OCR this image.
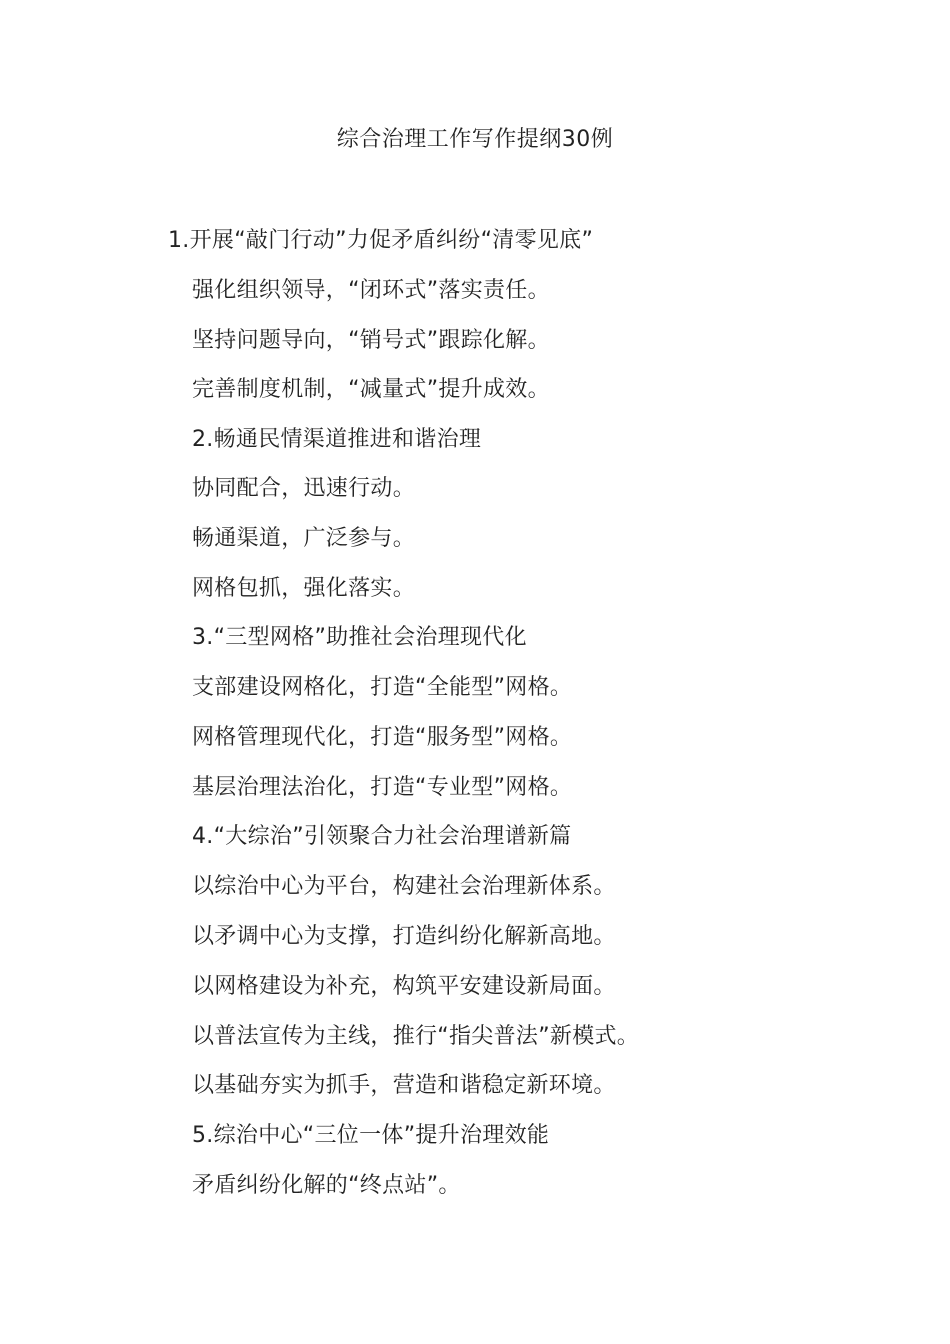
综合治理工作写作提纲30例
1.开展“敲门行动”力促矛盾纠纷“清零见底”
强化组织领导，“闭环式”落实责任。
坚持问题导向，“销号式”跟踪化解。
完善制度机制，“减量式”提升成效。
2.畅通民情渠道推进和谐治理
协同配合，迅速行动。
畅通渠道，广泛参与。
网格包抓，强化落实。
3.“三型网格”助推社会治理现代化
支部建设网格化，打造“全能型”网格。
网格管理现代化，打造“服务型”网格。
基层治理法治化，打造“专业型”网格。
4.“大综治”引领聚合力社会治理谱新篇
以综治中心为平台，构建社会治理新体系。
以矛调中心为支撑，打造纠纷化解新高地。
以网格建设为补充，构筑平安建设新局面。
以普法宣传为主线，推行“指尖普法”新模式。
以基础夯实为抓手，营造和谐稳定新环境。
5.综治中心“三位一体”提升治理效能
矛盾纠纷化解的“终点站”。
